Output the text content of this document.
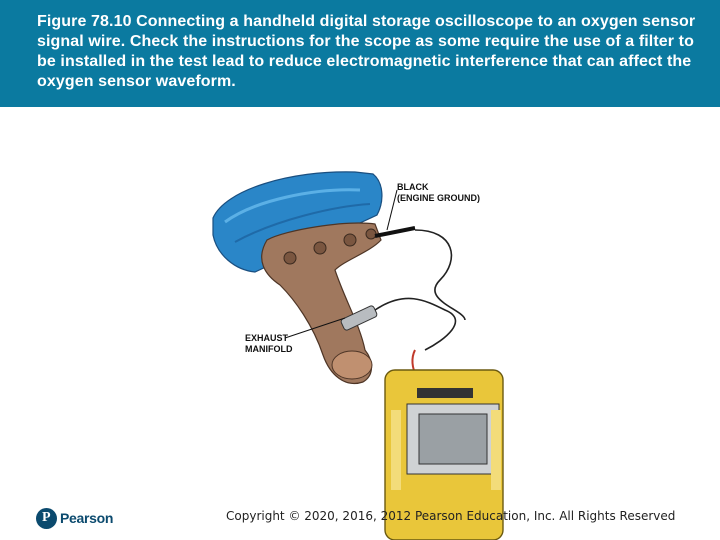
Figure 78.10 Connecting a handheld digital storage oscilloscope to an oxygen sensor signal wire. Check the instructions for the scope as some require the use of a filter to be installed in the test lead to reduce electromagnetic interference that can affect the oxygen sensor waveform.

BLACK
(ENGINE GROUND)
EXHAUST
MANIFOLD
P Pearson	Copyright © 2020, 2016, 2012 Pearson Education, Inc. All Rights Reserved
